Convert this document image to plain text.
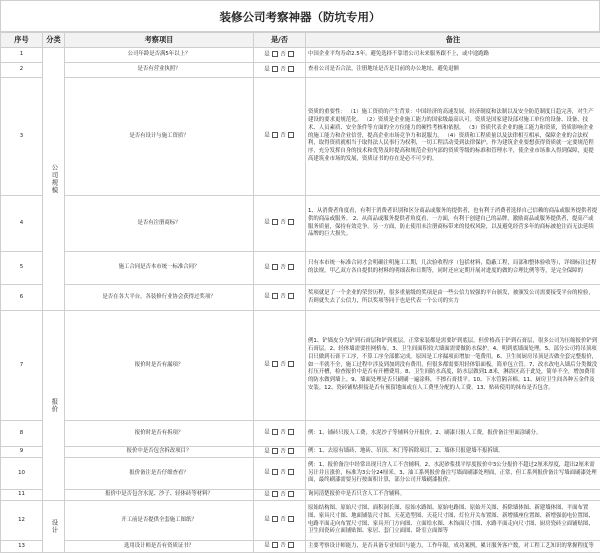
装修公司考察神器（防坑专用）
序号	分类	考察项目	是/否	备注
1	公司规模	公司年龄是否满5年以上？	是 否	中国企业平均寿命2.5年。避免选择不靠谱公司未来服务跟不上，或中途跑路
2		是否有营业执照？	是 否	查看公司是否合法，注册地址是否是目前的办公地址，避免退额
3		是否有设计与施工资质？	是 否	资质的重要性： （1）施工资质的产生背景：中国经济的高速发展，经济制度和法制以及安全防范制度日趋完善，对生产建设的要求更规范化。 （2）资质是企业施工能力的国家级最高认可。资质是国家建设部对施工单位的设备、设备、技术、人员素质、安全条件等方面的全方位能力的硬性考核和依据。 （3）资质代表企业的施工能力和资质，资质影响企业的施工能力和企业信誉，提高企业市场竞争力和说服力。 （4）资质和工程质量以及法律相互相承，保障企业的合法权利，取得资质就相当于取得法人民事行为权利，一切工程活动受到法律保护。作为建筑企业要想获得资质就一定要规范程序，充分发挥自身的技术和优势及时提高和规范企业内部的资质等级的标准和管理水平，使企业市场准入得到保障，更提高建筑业市场的发展，资质证书的存在是必不可少的。
4		是否有注册商标？	是 否	1、从消费者角度看，有利于消费者识别和区分商品或服务的提供者，也有利于消费者选择自己信赖的商品或服务提供者提供的商品或服务。 2、从商品或服务提供者角度看，一方面，有利于创建自己的品牌，激励商品或服务提供者，提高产或服务质量，保持有效竞争。另一方面，防止使用未注册商标带来的侵权风险，以及避免经营多年的商标被抢注而无法延续品牌的巨大损失。
5		施工合同是否本市统一标准合同？	是 否	只有本市统一标准合同才会明确注明施工工期，几次验收程序（包括材料，隐蔽工程，局部和整体验收等），详细标注过程的法规，甲乙双方各自提供的材料的明细表和日期等，同时还应定期开展对进度的做的合理比例等等，是完全保障的
6		是否在各大平台，各装修行业协会获得过奖项？	是 否	奖项就是了一个企业的荣誉历程，很多重量级的奖项是由一些公信力较强的平台颁发，被颁发公司需要接受平台的检验，否则就失去了公信力，所以奖项等同于也是代表一个公司的实力
7	报价	报价时是否有漏项？	是 否	例1、铲墙皮分为铲到石膏层和铲到底层，正常家装都是需要铲到底层，但价格高于铲到石膏层，很多公司为压缩报价铲到石膏层。2、轻体墙需要挂网格布。3、卫生间面积较大墙面需要做防水保护。4、明到底墙面处理。5、部分公司将吊顶项目只做到石膏下工序，不算工序全部都完成。原因是工序漏项而增加一笔费用。6、卫生间厨房吊顶是否做全套完整报价，如一半就不全，施工过程中涉及到加到没有费用，但很多都需要用轻体铝面板。简单包立管。7、改水改电入墙后分类做没打压开槽，检查报价中是否有开槽费用。8、卫生间防水高度，防水层做到1.8米，淋浴区高于此处，简单不全，增加费用的防水做到墙上。9、墙面处理是否只刷刷一遍涂料，不擦石膏找平。10、下水管隔音棉。11、厨房卫生间各种五金件及安装。12、瓷砖铺贴拼接是否有预留地面或在人工费里分配的人工费。13、贴砖使用的抹布是否包含。
8		报价时是否有拆项？	是 否	例：1、铺砖只报人工费，水泥沙子等辅料分开报价。2、刷漆只报人工费，报价备注里面涂刷分。
9		报价中是否包含拆改项目？	是 否	例：1、去原有墙砖、地砖、吊顶、木门等拆除项目。2、墙体只报建墙不报拆墙。
10		报价备注是否仔细查看？	是 否	例：1、报价备注中经常出现只含人工不含辅料。2、水泥砂浆找平厚度报价中3公分报价不超过2厘米厚度，超出2厘米需另计并且涨价，标准为3公分24厘米。3、油工系列报价备注写墙面刷漆处理面，正常，但工系列报价备注写墙面刷漆处理面，最终刷漆需要另行按面积计算，部分公司开墙刷漆报价。
11		报价中是否包含水泥、沙子、轻体砖等材料？	是 否	询问清楚报价中是否只含人工不含辅料。
12	设计	开工前是否提供全套施工图纸？	是 否	原始结构图、原始尺寸图、面积洞长图、原始水路图、原始电路图、原始开关图、拆除墙体图、新建墙体图、平面布置图、家具尺寸图、地面铺装尺寸图、天花造型图、天花尺寸图、灯位开关布置图、新增插座位置图、新增强弱电位置图、电路平面走向布置尺寸图、家具开门方向图、立面给水图、木饰面尺寸图、水路平面走向尺寸图、厨房瓷砖立面铺贴图、卫生间瓷砖立面铺贴图、家居、套门立面图、卧室立面图等
13		选用设计师是否有资质证书？	是 否	主要考察设计师能力，是否具备专业知识与能力，工作年限，成功案例，累计服务客户数，对工程工艺知识的掌握程度等
